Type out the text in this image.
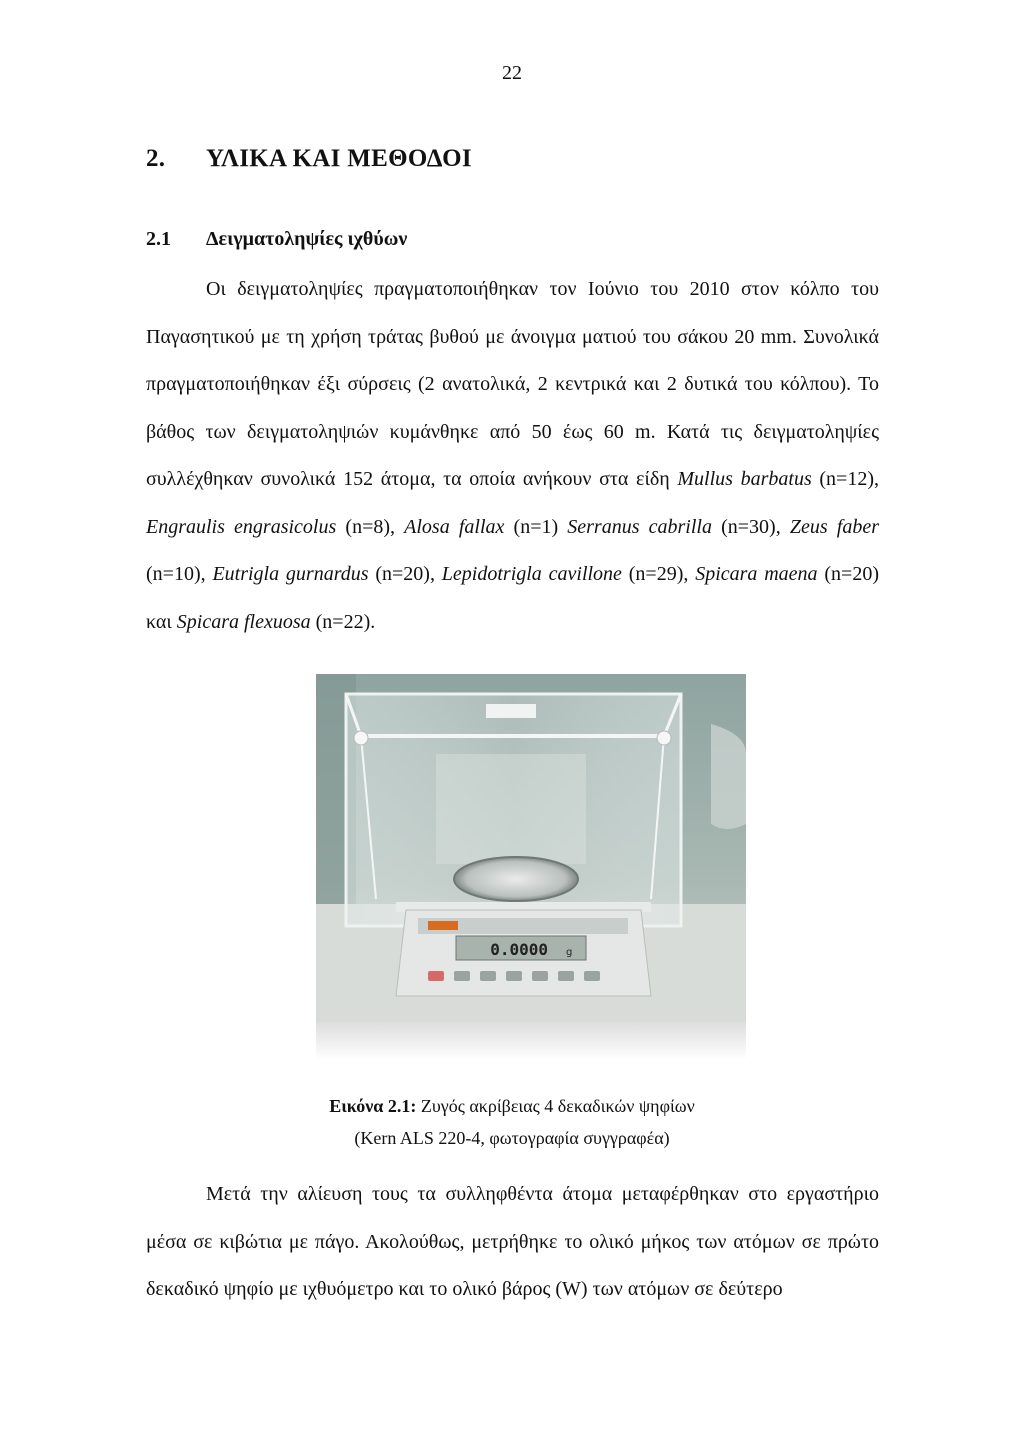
22
2. ΥΛΙΚΑ ΚΑΙ ΜΕΘΟΔΟΙ
2.1 Δειγματοληψίες ιχθύων

Οι δειγματοληψίες πραγματοποιήθηκαν τον Ιούνιο του 2010 στον κόλπο του Παγασητικού με τη χρήση τράτας βυθού με άνοιγμα ματιού του σάκου 20 mm. Συνολικά πραγματοποιήθηκαν έξι σύρσεις (2 ανατολικά, 2 κεντρικά και 2 δυτικά του κόλπου). Το βάθος των δειγματοληψιών κυμάνθηκε από 50 έως 60 m. Κατά τις δειγματοληψίες συλλέχθηκαν συνολικά 152 άτομα, τα οποία ανήκουν στα είδη Mullus barbatus (n=12), Engraulis engrasicolus (n=8), Alosa fallax (n=1) Serranus cabrilla (n=30), Zeus faber (n=10), Eutrigla gurnardus (n=20), Lepidotrigla cavillone (n=29), Spicara maena (n=20) και Spicara flexuosa (n=22).

0.0000 g
Εικόνα 2.1: Ζυγός ακρίβειας 4 δεκαδικών ψηφίων
(Kern ALS 220-4, φωτογραφία συγγραφέα)

Μετά την αλίευση τους τα συλληφθέντα άτομα μεταφέρθηκαν στο εργαστήριο μέσα σε κιβώτια με πάγο. Ακολούθως, μετρήθηκε το ολικό μήκος των ατόμων σε πρώτο δεκαδικό ψηφίο με ιχθυόμετρο και το ολικό βάρος (W) των ατόμων σε δεύτερο
